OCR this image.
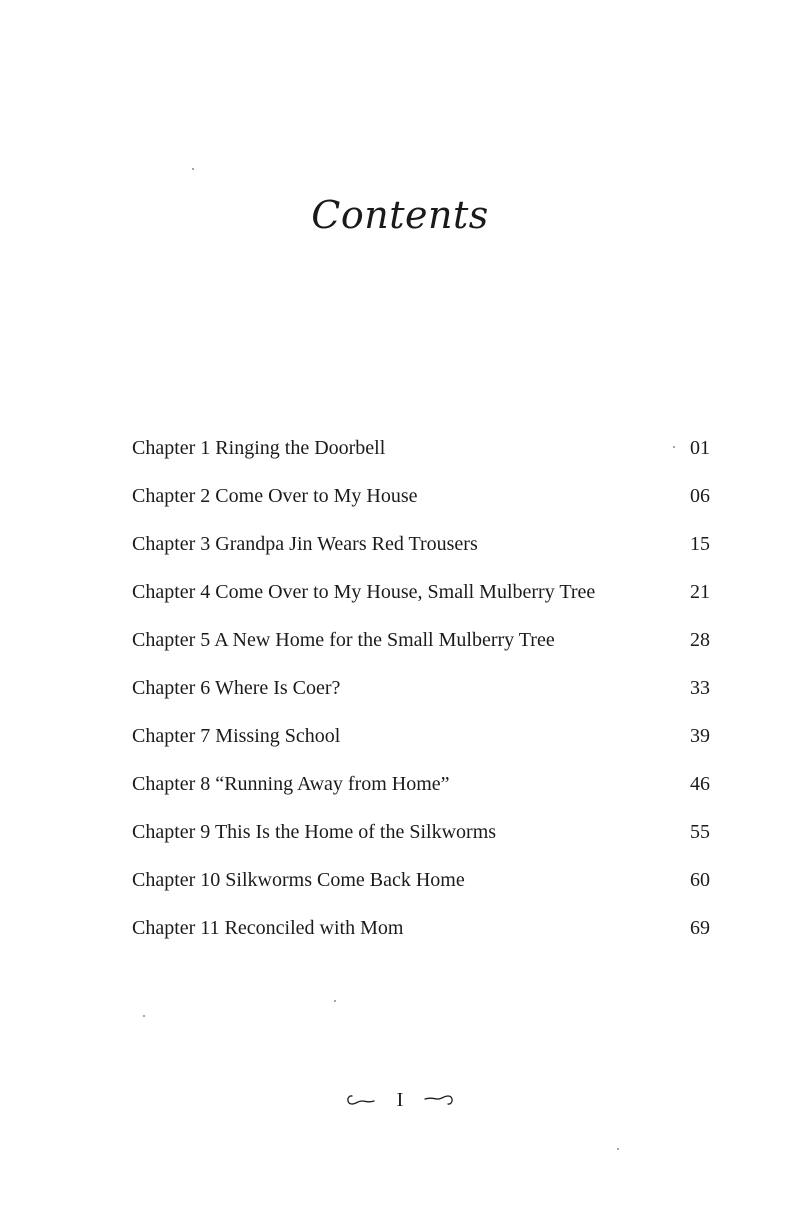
Contents
Chapter 1 Ringing the Doorbell	01
Chapter 2 Come Over to My House	06
Chapter 3 Grandpa Jin Wears Red Trousers	15
Chapter 4 Come Over to My House, Small Mulberry Tree	21
Chapter 5 A New Home for the Small Mulberry Tree	28
Chapter 6 Where Is Coer?	33
Chapter 7 Missing School	39
Chapter 8 “Running Away from Home”	46
Chapter 9 This Is the Home of the Silkworms	55
Chapter 10 Silkworms Come Back Home	60
Chapter 11 Reconciled with Mom	69
I
